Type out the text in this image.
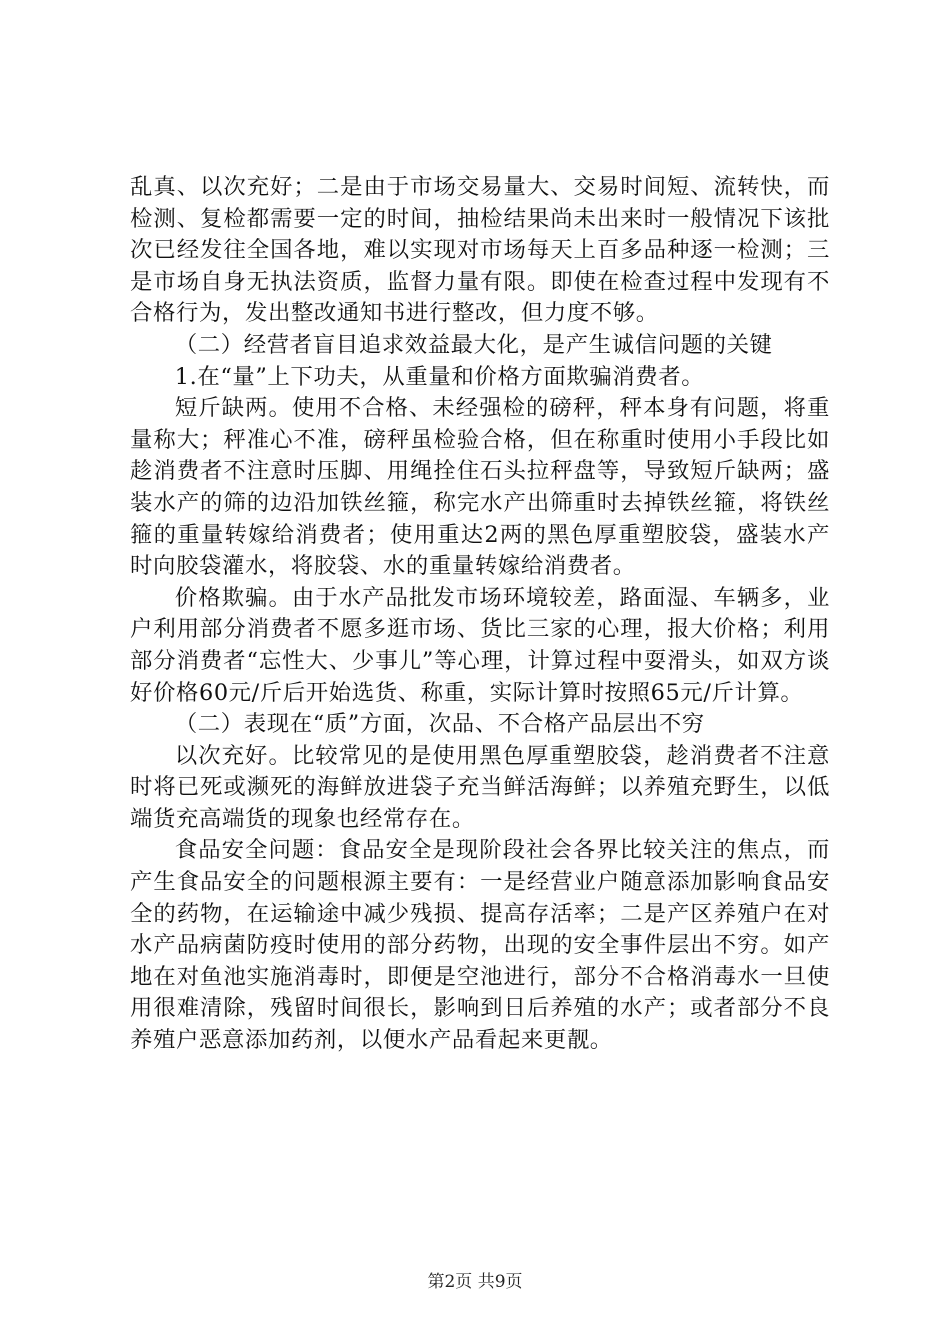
乱真、以次充好；二是由于市场交易量大、交易时间短、流转快，而检测、复检都需要一定的时间，抽检结果尚未出来时一般情况下该批次已经发往全国各地，难以实现对市场每天上百多品种逐一检测；三是市场自身无执法资质，监督力量有限。即使在检查过程中发现有不合格行为，发出整改通知书进行整改，但力度不够。

（二）经营者盲目追求效益最大化，是产生诚信问题的关键

1.在“量”上下功夫，从重量和价格方面欺骗消费者。

短斤缺两。使用不合格、未经强检的磅秤，秤本身有问题，将重量称大；秤准心不准，磅秤虽检验合格，但在称重时使用小手段比如趁消费者不注意时压脚、用绳拴住石头拉秤盘等，导致短斤缺两；盛装水产的筛的边沿加铁丝箍，称完水产出筛重时去掉铁丝箍，将铁丝箍的重量转嫁给消费者；使用重达2两的黑色厚重塑胶袋，盛装水产时向胶袋灌水，将胶袋、水的重量转嫁给消费者。

价格欺骗。由于水产品批发市场环境较差，路面湿、车辆多，业户利用部分消费者不愿多逛市场、货比三家的心理，报大价格；利用部分消费者“忘性大、少事儿”等心理，计算过程中耍滑头，如双方谈好价格60元/斤后开始选货、称重，实际计算时按照65元/斤计算。

（二）表现在“质”方面，次品、不合格产品层出不穷

以次充好。比较常见的是使用黑色厚重塑胶袋，趁消费者不注意时将已死或濒死的海鲜放进袋子充当鲜活海鲜；以养殖充野生，以低端货充高端货的现象也经常存在。

食品安全问题：食品安全是现阶段社会各界比较关注的焦点，而产生食品安全的问题根源主要有：一是经营业户随意添加影响食品安全的药物，在运输途中减少残损、提高存活率；二是产区养殖户在对水产品病菌防疫时使用的部分药物，出现的安全事件层出不穷。如产地在对鱼池实施消毒时，即便是空池进行，部分不合格消毒水一旦使用很难清除，残留时间很长，影响到日后养殖的水产；或者部分不良养殖户恶意添加药剂，以便水产品看起来更靓。

第2页 共9页
